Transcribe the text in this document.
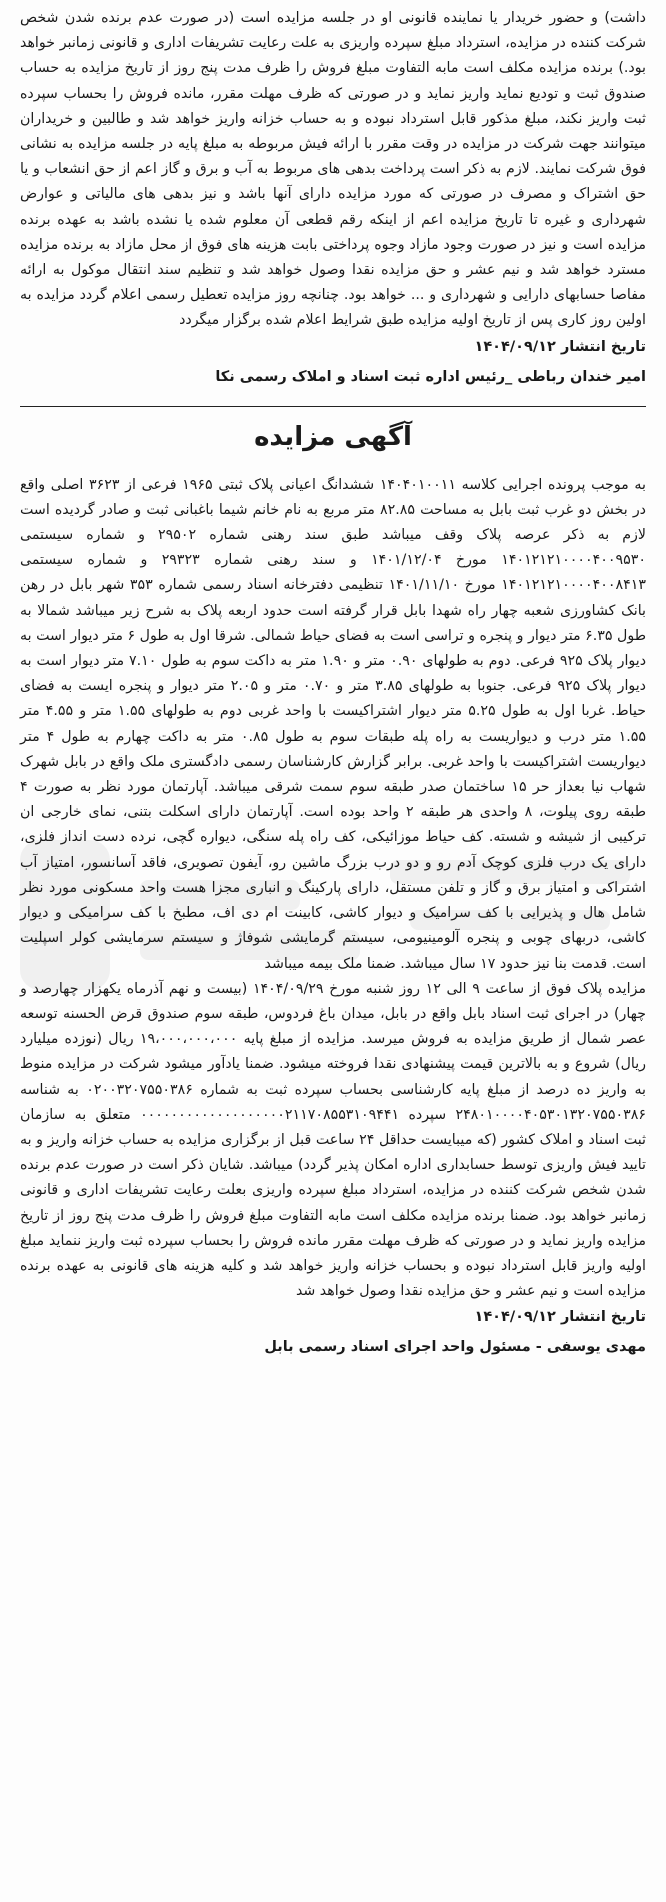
داشت) و حضور خریدار یا نماینده قانونی او در جلسه مزایده است (در صورت عدم برنده شدن شخص شرکت کننده در مزایده، استرداد مبلغ سپرده واریزی به علت رعایت تشریفات اداری و قانونی زمانبر خواهد بود.) برنده مزایده مکلف است مابه التفاوت مبلغ فروش را ظرف مدت پنج روز از تاریخ مزایده به حساب صندوق ثبت و تودیع نماید واریز نماید و در صورتی که ظرف مهلت مقرر، مانده فروش را بحساب سپرده ثبت واریز نکند، مبلغ مذکور قابل استرداد نبوده و به حساب خزانه واریز خواهد شد و طالبین و خریداران میتوانند جهت شرکت در مزایده در وقت مقرر با ارائه فیش مربوطه به مبلغ پایه در جلسه مزایده به نشانی فوق شرکت نمایند. لازم به ذکر است پرداخت بدهی های مربوط به آب و برق و گاز اعم از حق انشعاب و یا حق اشتراک و مصرف در صورتی که مورد مزایده دارای آنها باشد و نیز بدهی های مالیاتی و عوارض شهرداری و غیره تا تاریخ مزایده اعم از اینکه رقم قطعی آن معلوم شده یا نشده باشد به عهده برنده مزایده است و نیز در صورت وجود مازاد وجوه پرداختی بابت هزینه های فوق از محل مازاد به برنده مزایده مسترد خواهد شد و نیم عشر و حق مزایده نقدا وصول خواهد شد و تنظیم سند انتقال موکول به ارائه مفاصا حسابهای دارایی و شهرداری و ... خواهد بود. چنانچه روز مزایده تعطیل رسمی اعلام گردد مزایده به اولین روز کاری پس از تاریخ اولیه مزایده طبق شرایط اعلام شده برگزار میگردد

تاریخ انتشار ۱۴۰۴/۰۹/۱۲

امیر خندان رباطی _رئیس اداره ثبت اسناد و املاک رسمی نکا

آگهی مزایده

به موجب پرونده اجرایی کلاسه ۱۴۰۴۰۱۰۰۱۱ ششدانگ اعیانی پلاک ثبتی ۱۹۶۵ فرعی از ۳۶۲۳ اصلی واقع در بخش دو غرب ثبت بابل به مساحت ۸۲.۸۵ متر مربع به نام خانم شیما باغبانی ثبت و صادر گردیده است لازم به ذکر عرصه پلاک وقف میباشد طبق سند رهنی شماره ۲۹۵۰۲ و شماره سیستمی ۱۴۰۱۲۱۲۱۰۰۰۰۴۰۰۹۵۳۰ مورخ ۱۴۰۱/۱۲/۰۴ و سند رهنی شماره ۲۹۳۲۳ و شماره سیستمی ۱۴۰۱۲۱۲۱۰۰۰۰۴۰۰۸۴۱۳ مورخ ۱۴۰۱/۱۱/۱۰ تنظیمی دفترخانه اسناد رسمی شماره ۳۵۳ شهر بابل در رهن بانک کشاورزی شعبه چهار راه شهدا بابل قرار گرفته است حدود اربعه پلاک به شرح زیر میباشد شمالا به طول ۶.۳۵ متر دیوار و پنجره و تراسی است به فضای حیاط شمالی. شرقا اول به طول ۶ متر دیوار است به دیوار پلاک ۹۲۵ فرعی. دوم به طولهای ۰.۹۰ متر و ۱.۹۰ متر به داکت سوم به طول ۷.۱۰ متر دیوار است به دیوار پلاک ۹۲۵ فرعی. جنوبا به طولهای ۳.۸۵ متر و ۰.۷۰ متر و ۲.۰۵ متر دیوار و پنجره ایست به فضای حیاط. غربا اول به طول ۵.۲۵ متر دیوار اشتراکیست با واحد غربی دوم به طولهای ۱.۵۵ متر و ۴.۵۵ متر ۱.۵۵ متر درب و دیواریست به راه پله طبقات سوم به طول ۰.۸۵ متر به داکت چهارم به طول ۴ متر دیواریست اشتراکیست با واحد غربی. برابر گزارش کارشناسان رسمی دادگستری ملک واقع در بابل شهرک شهاب نیا بعداز حر ۱۵ ساختمان صدر طبقه سوم سمت شرقی میباشد. آپارتمان مورد نظر به صورت ۴ طبقه روی پیلوت، ۸ واحدی هر طبقه ۲ واحد بوده است. آپارتمان دارای اسکلت بتنی، نمای خارجی ان ترکیبی از شیشه و شسته. کف حیاط موزائیکی، کف راه پله سنگی، دیواره گچی، نرده دست انداز فلزی، دارای یک درب فلزی کوچک آدم رو و دو درب بزرگ ماشین رو، آیفون تصویری، فاقد آسانسور، امتیاز آب اشتراکی و امتیاز برق و گاز و تلفن مستقل، دارای پارکینگ و انباری مجزا هست واحد مسکونی مورد نظر شامل هال و پذیرایی با کف سرامیک و دیوار کاشی، کابینت ام دی اف، مطبخ با کف سرامیکی و دیوار کاشی، دربهای چوبی و پنجره آلومینیومی، سیستم گرمایشی شوفاژ و سیستم سرمایشی کولر اسپلیت است. قدمت بنا نیز حدود ۱۷ سال میباشد. ضمنا ملک بیمه میباشد

مزایده پلاک فوق از ساعت ۹ الی ۱۲ روز شنبه مورخ ۱۴۰۴/۰۹/۲۹ (بیست و نهم آذرماه یکهزار چهارصد و چهار) در اجرای ثبت اسناد بابل واقع در بابل، میدان باغ فردوس، طبقه سوم صندوق قرض الحسنه توسعه عصر شمال از طریق مزایده به فروش میرسد. مزایده از مبلغ پایه ۱۹،۰۰۰،۰۰۰،۰۰۰ ریال (نوزده میلیارد ریال) شروع و به بالاترین قیمت پیشنهادی نقدا فروخته میشود. ضمنا یادآور میشود شرکت در مزایده منوط به واریز ده درصد از مبلغ پایه کارشناسی بحساب سپرده ثبت به شماره ۰۲۰۰۳۲۰۷۵۵۰۳۸۶ به شناسه ۲۴۸۰۱۰۰۰۰۴۰۵۳۰۱۳۲۰۷۵۵۰۳۸۶ سپرده ۰۰۰۰۰۰۰۰۰۰۰۰۰۰۰۰۰۰۰۲۱۱۷۰۸۵۵۳۱۰۹۴۴۱ متعلق به سازمان ثبت اسناد و املاک کشور (که میبایست حداقل ۲۴ ساعت قبل از برگزاری مزایده به حساب خزانه واریز و به تایید فیش واریزی توسط حسابداری اداره امکان پذیر گردد) میباشد. شایان ذکر است در صورت عدم برنده شدن شخص شرکت کننده در مزایده، استرداد مبلغ سپرده واریزی بعلت رعایت تشریفات اداری و قانونی زمانبر خواهد بود. ضمنا برنده مزایده مکلف است مابه التفاوت مبلغ فروش را ظرف مدت پنج روز از تاریخ مزایده واریز نماید و در صورتی که ظرف مهلت مقرر مانده فروش را بحساب سپرده ثبت واریز ننماید مبلغ اولیه واریز قابل استرداد نبوده و بحساب خزانه واریز خواهد شد و کلیه هزینه های قانونی به عهده برنده مزایده است و نیم عشر و حق مزایده نقدا وصول خواهد شد

تاریخ انتشار ۱۴۰۴/۰۹/۱۲

مهدی یوسفی - مسئول واحد اجرای اسناد رسمی بابل
